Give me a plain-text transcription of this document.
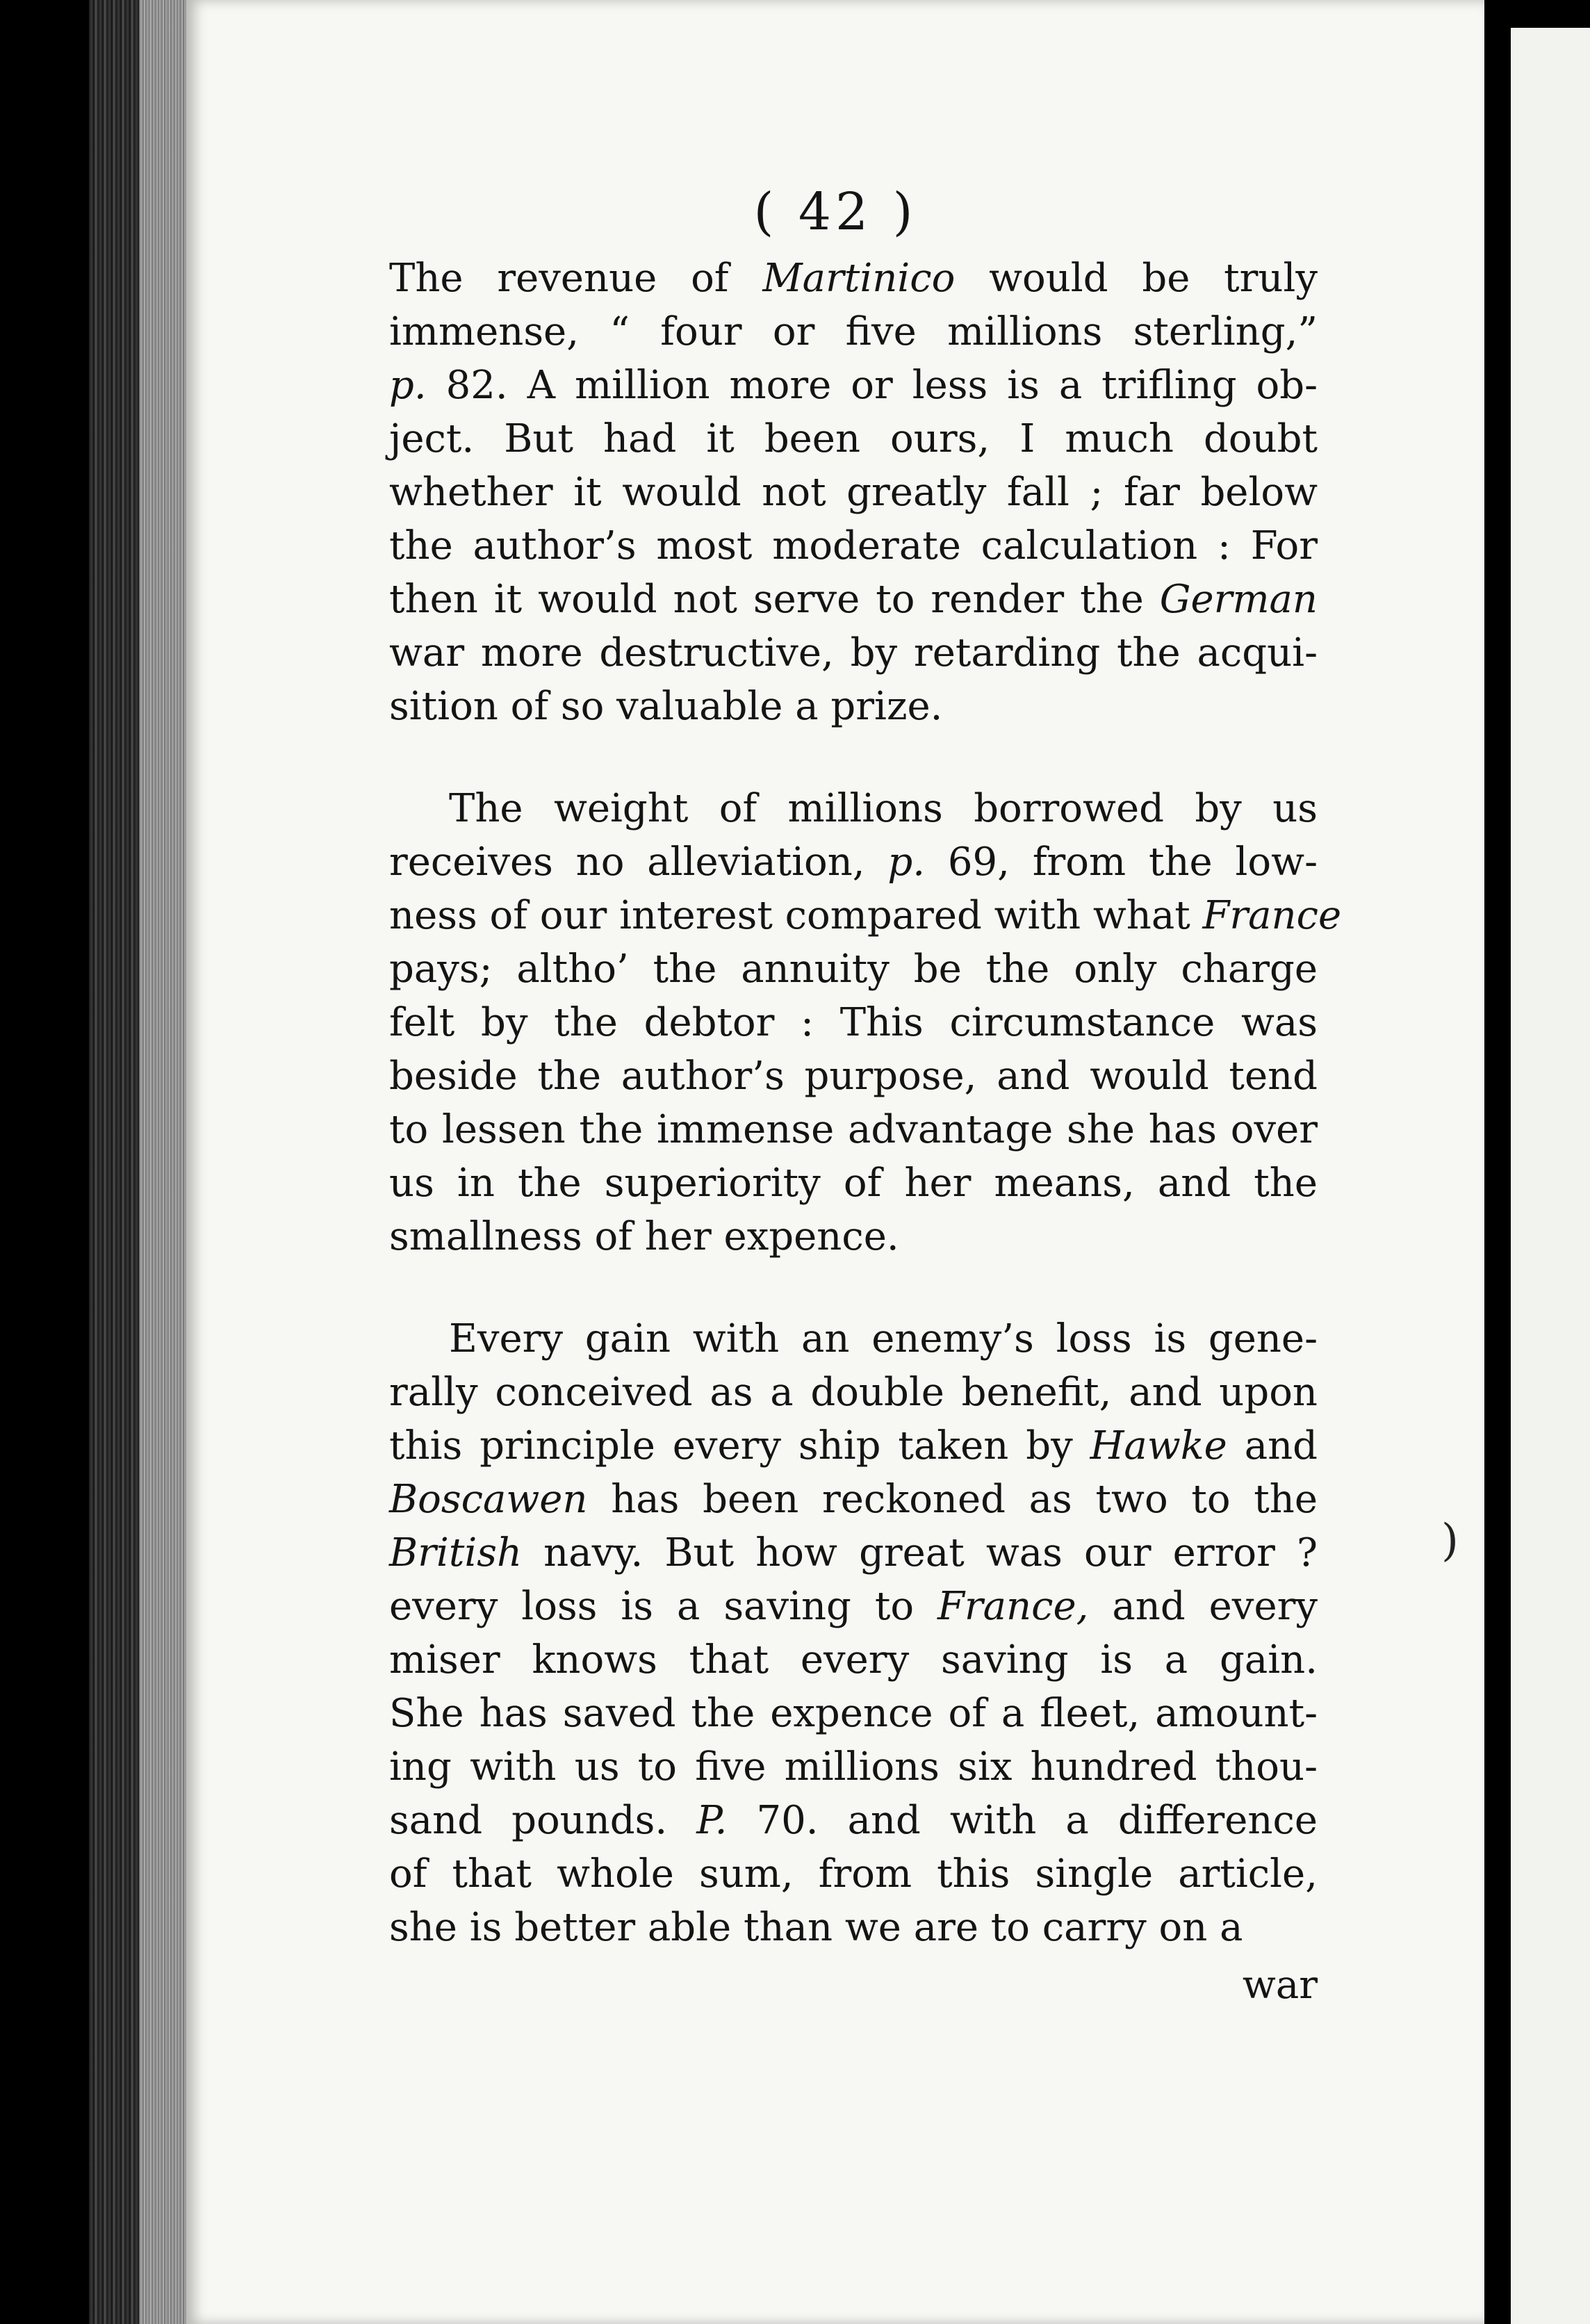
)
( 42 )
The revenue of Martinico would be truly
immense, “ four or five millions sterling,”
p. 82. A million more or less is a trifling ob-
ject. But had it been ours, I much doubt
whether it would not greatly fall ; far below
the author’s most moderate calculation : For
then it would not serve to render the German
war more destructive, by retarding the acqui-
sition of so valuable a prize.
The weight of millions borrowed by us
receives no alleviation, p. 69, from the low-
ness of our interest compared with what France
pays; altho’ the annuity be the only charge
felt by the debtor : This circumstance was
beside the author’s purpose, and would tend
to lessen the immense advantage she has over
us in the superiority of her means, and the
smallness of her expence.
Every gain with an enemy’s loss is gene-
rally conceived as a double benefit, and upon
this principle every ship taken by Hawke and
Boscawen has been reckoned as two to the
British navy. But how great was our error ?
every loss is a saving to France, and every
miser knows that every saving is a gain.
She has saved the expence of a fleet, amount-
ing with us to five millions six hundred thou-
sand pounds. P. 70. and with a difference
of that whole sum, from this single article,
she is better able than we are to carry on a
war
